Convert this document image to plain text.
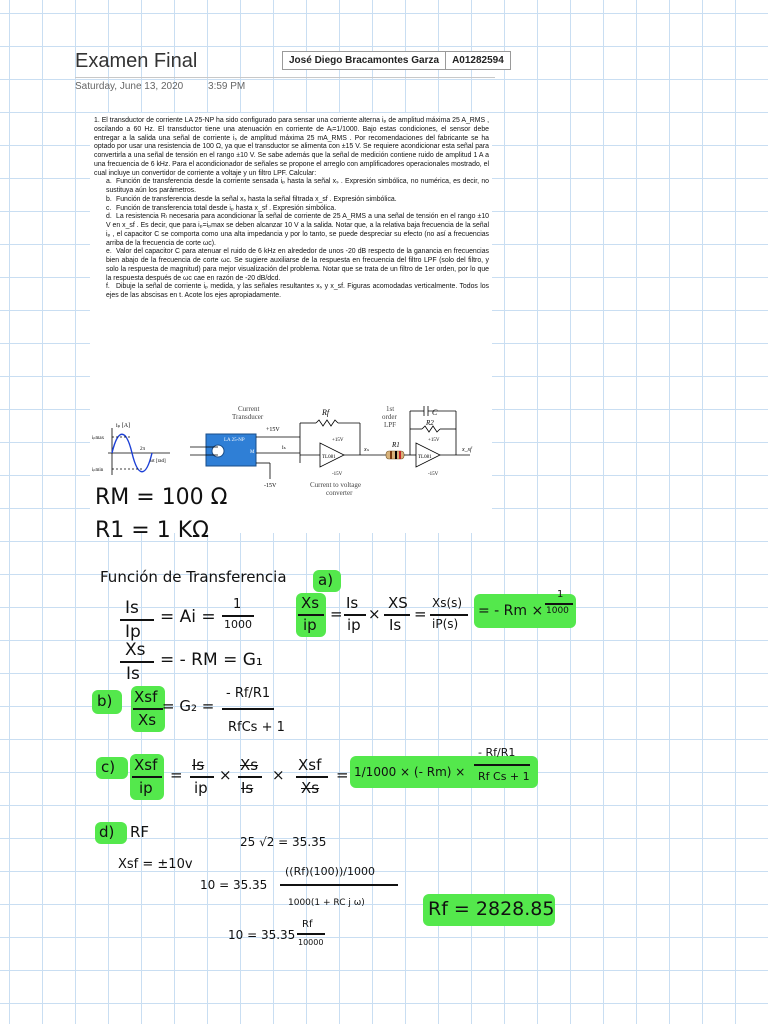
Examen Final
Saturday, June 13, 2020 3:59 PM
José Diego Bracamontes Garza	A01282594

1. El transductor de corriente LA 25-NP ha sido configurado para sensar una corriente alterna iₚ de amplitud máxima 25 A_RMS , oscilando a 60 Hz. El transductor tiene una atenuación en corriente de Aᵢ=1/1000. Bajo estas condiciones, el sensor debe entregar a la salida una señal de corriente iₛ de amplitud máxima 25 mA_RMS . Por recomendaciones del fabricante se ha optado por usar una resistencia de 100 Ω, ya que el transductor se alimenta con ±15 V. Se requiere acondicionar esta señal para convertirla a una señal de tensión en el rango ±10 V. Se sabe además que la señal de medición contiene ruido de amplitud 1 A a una frecuencia de 6 kHz. Para el acondicionador de señales se propone el arreglo con amplificadores operacionales mostrado, el cual incluye un convertidor de corriente a voltaje y un filtro LPF. Calcular:

a. Función de transferencia desde la corriente sensada iₚ hasta la señal xₛ . Expresión simbólica, no numérica, es decir, no sustituya aún los parámetros.

b. Función de transferencia desde la señal xₛ hasta la señal filtrada x_sf . Expresión simbólica.

c. Función de transferencia total desde iₚ hasta x_sf . Expresión simbólica.

d. La resistencia Rₗ necesaria para acondicionar la señal de corriente de 25 A_RMS a una señal de tensión en el rango ±10 V en x_sf . Es decir, que para iₚ=iₚmax se deben alcanzar 10 V a la salida. Notar que, a la relativa baja frecuencia de la señal iₚ , el capacitor C se comporta como una alta impedancia y por lo tanto, se puede despreciar su efecto (no así a frecuencias arriba de la frecuencia de corte ωc).

e. Valor del capacitor C para atenuar el ruido de 6 kHz en alrededor de unos -20 dB respecto de la ganancia en frecuencias bien abajo de la frecuencia de corte ωc. Se sugiere auxiliarse de la respuesta en frecuencia del filtro LPF (solo del filtro, y solo la respuesta de magnitud) para mejor visualización del problema. Notar que se trata de un filtro de 1er orden, por lo que la respuesta después de ωc cae en razón de -20 dB/dcd.

f. Dibuje la señal de corriente iₚ medida, y las señales resultantes xₛ y x_sf. Figuras acomodadas verticalmente. Todos los ejes de las abscisas en t. Acote los ejes apropiadamente.

iₚ [A]
iₚmax
iₚmin
ωt [rad]
2π
Current
Transducer
LA 25-NP
M
+15V
-15V
iₛ
Rf
TL081
+15V
-15V
Current to voltage
converter
xₛ
R1
1st
order
LPF
C
R2
TL081
+15V
-15V
x_sf
RM = 100 Ω
R1 = 1 KΩ
Función de Transferencia a)
Is
Ip
= Ai =
1
1000
Xs
Is
= - RM = G₁
Xs
ip
=
Is
ip
×
XS
Is
=
Xs(s)
iP(s)
= - Rm ×
1
1000
b) Xsf
Xs
= G₂ =
- Rf/R1
RfCs + 1
c) Xsf
ip
=
Is
ip
×
Xs
Is
×
Xsf
Xs
= 1/1000 × (- Rm) ×
- Rf/R1
Rf Cs + 1
d) RF
25 √2 = 35.35
Xsf = ±10v
10 = 35.35
((Rf)(100))/1000
1000(1 + RC j ω)	Rf = 2828.85
10 = 35.35
Rf
10000
